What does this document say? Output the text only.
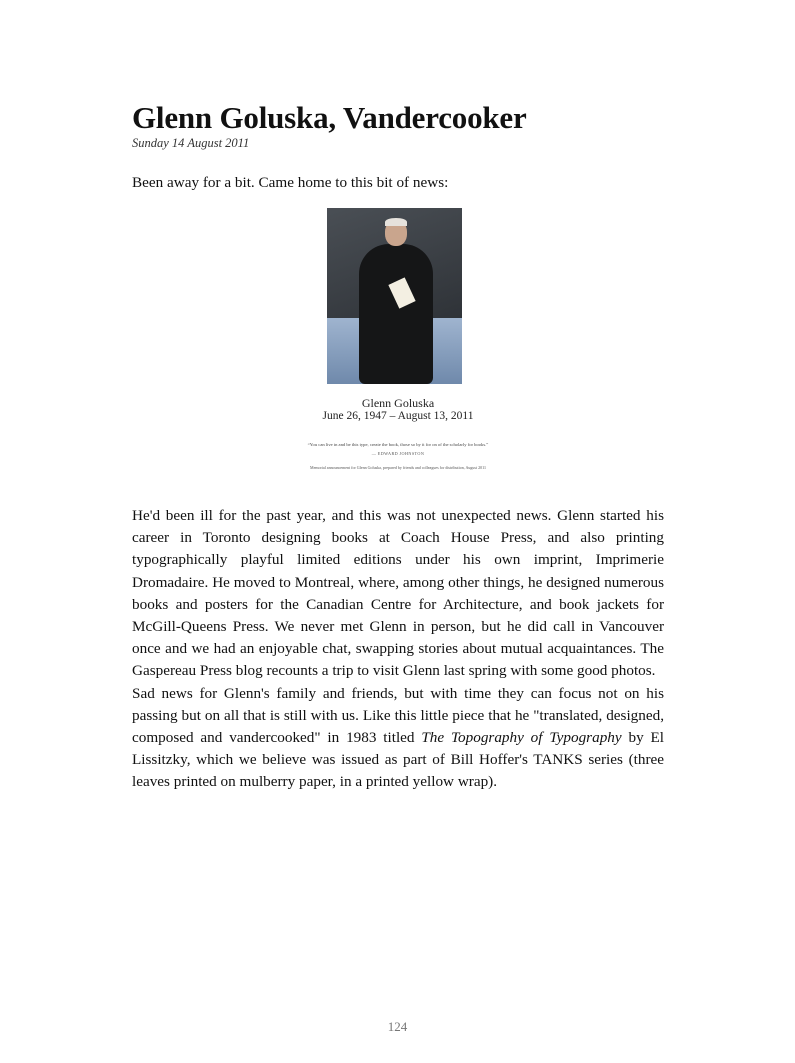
Glenn Goluska, Vandercooker
Sunday 14 August 2011
Been away for a bit. Came home to this bit of news:
Glenn Goluska
June 26, 1947 – August 13, 2011
“You can live in and be this type, create the book, those so by it for on of the scholarly for books.”
— EDWARD JOHNSTON
Memorial announcement for Glenn Goluska, prepared by friends and colleagues for distribution, August 2011

He'd been ill for the past year, and this was not unexpected news. Glenn started his career in Toronto designing books at Coach House Press, and also printing typographically playful limited editions under his own imprint, Imprimerie Dromadaire. He moved to Montreal, where, among other things, he designed numerous books and posters for the Canadian Centre for Architecture, and book jackets for McGill-Queens Press. We never met Glenn in person, but he did call in Vancouver once and we had an enjoyable chat, swapping stories about mutual acquaintances. The Gaspereau Press blog recounts a trip to visit Glenn last spring with some good photos.

Sad news for Glenn's family and friends, but with time they can focus not on his passing but on all that is still with us. Like this little piece that he "translated, designed, composed and vandercooked" in 1983 titled The Topography of Typography by El Lissitzky, which we believe was issued as part of Bill Hoffer's TANKS series (three leaves printed on mulberry paper, in a printed yellow wrap).

124
